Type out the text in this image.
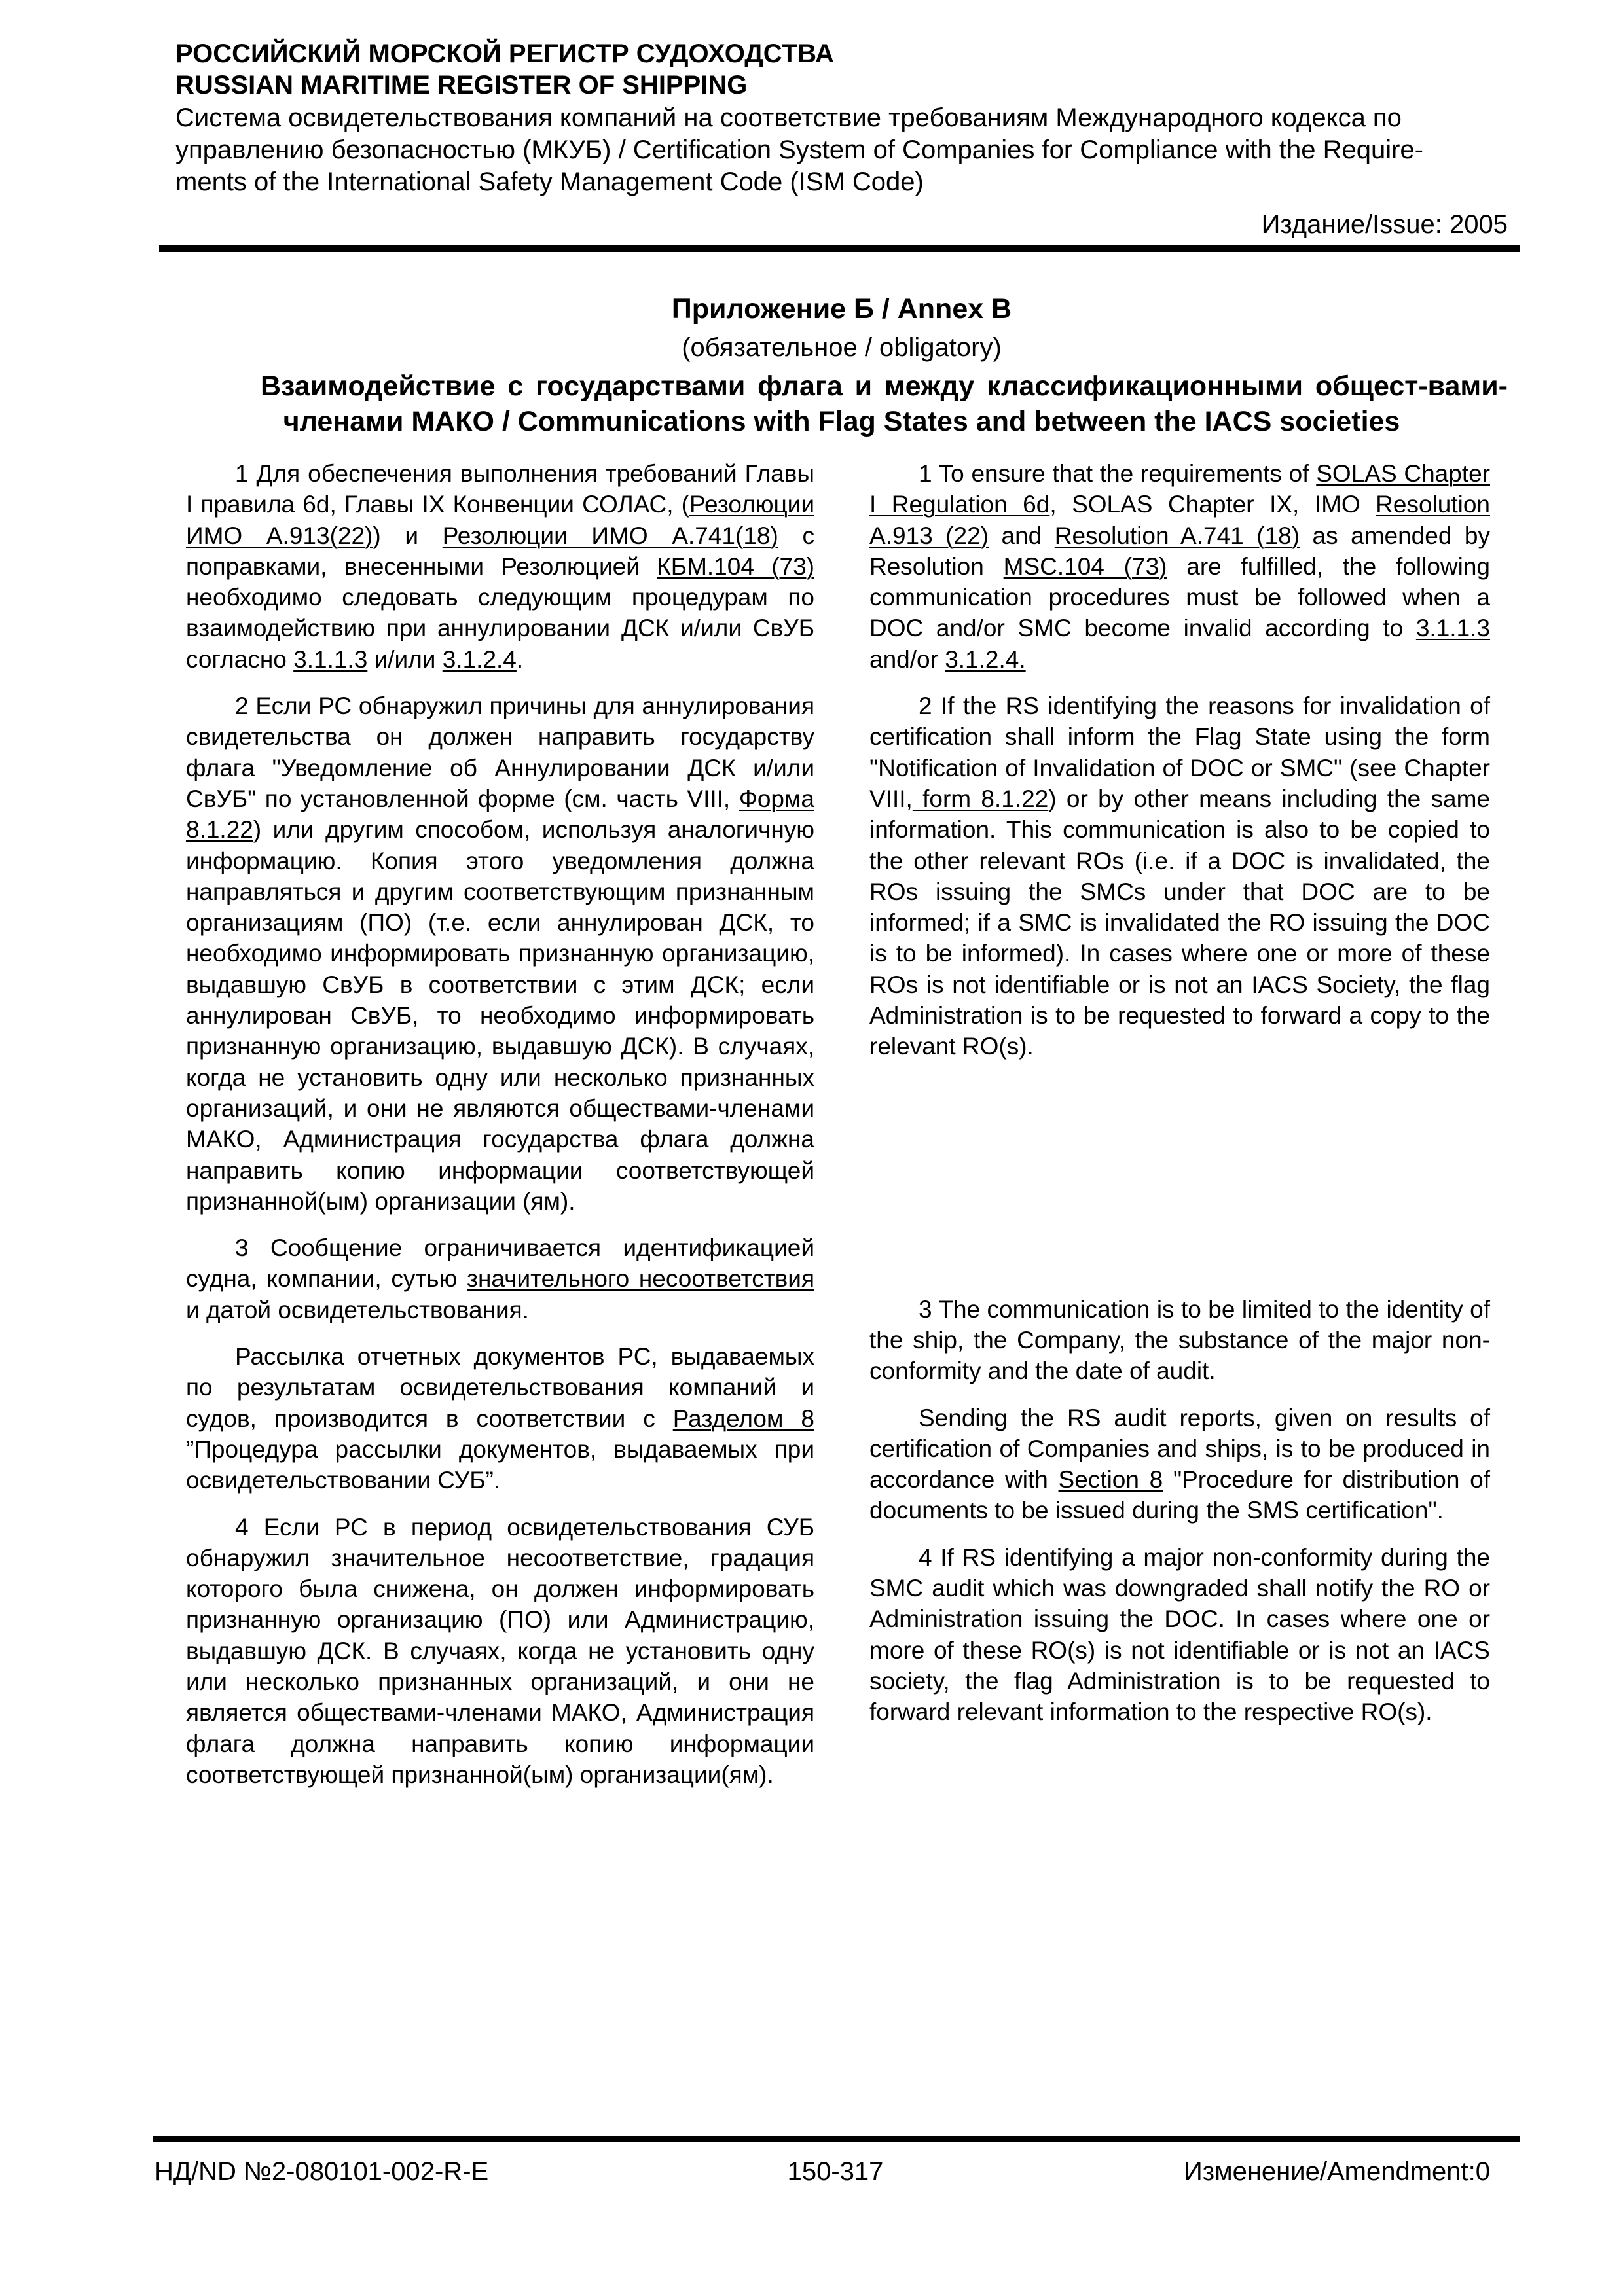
РОССИЙСКИЙ МОРСКОЙ РЕГИСТР СУДОХОДСТВА
RUSSIAN MARITIME REGISTER OF SHIPPING
Система освидетельствования компаний на соответствие требованиям Международного кодекса по
управлению безопасностью (МКУБ) / Certification System of Companies for Compliance with the Require-
ments of the International Safety Management Code (ISM Code)
Издание/Issue: 2005
Приложение Б / Annex B
(обязательное / obligatory)
Взаимодействие с государствами флага и между классификационными общест-вами-членами МАКО / Communications with Flag States and between the IACS societies

1 Для обеспечения выполнения требований Главы I правила 6d, Главы IX Конвенции СОЛАС, (Резолюции ИМО А.913(22)) и Резолюции ИМО А.741(18) с поправками, внесенными Резолюцией КБМ.104 (73) необходимо следовать следующим процедурам по взаимодействию при аннулировании ДСК и/или СвУБ согласно 3.1.1.3 и/или 3.1.2.4.

2 Если РС обнаружил причины для аннулирования свидетельства он должен направить государству флага "Уведомление об Аннулировании ДСК и/или СвУБ" по установленной форме (см. часть VIII, Форма 8.1.22) или другим способом, используя аналогичную информацию. Копия этого уведомления должна направляться и другим соответствующим признанным организациям (ПО) (т.е. если аннулирован ДСК, то необходимо информировать признанную организацию, выдавшую СвУБ в соответствии с этим ДСК; если аннулирован СвУБ, то необходимо информировать признанную организацию, выдавшую ДСК). В случаях, когда не установить одну или несколько признанных организаций, и они не являются обществами-членами МАКО, Администрация государства флага должна направить копию информации соответствующей признанной(ым) организации (ям).

3 Сообщение ограничивается идентификацией судна, компании, сутью значительного несоответствия и датой освидетельствования.

Рассылка отчетных документов РС, выдаваемых по результатам освидетельствования компаний и судов, производится в соответствии с Разделом 8 ”Процедура рассылки документов, выдаваемых при освидетельствовании СУБ”.

4 Если РС в период освидетельствования СУБ обнаружил значительное несоответствие, градация которого была снижена, он должен информировать признанную организацию (ПО) или Администрацию, выдавшую ДСК. В случаях, когда не установить одну или несколько признанных организаций, и они не является обществами-членами МАКО, Администрация флага должна направить копию информации соответствующей признанной(ым) организации(ям).

1 To ensure that the requirements of SOLAS Chapter I Regulation 6d, SOLAS Chapter IX, IMO Resolution A.913 (22) and Resolution A.741 (18) as amended by Resolution MSC.104 (73) are fulfilled, the following communication procedures must be followed when a DOC and/or SMC become invalid according to 3.1.1.3 and/or 3.1.2.4.

2 If the RS identifying the reasons for invalidation of certification shall inform the Flag State using the form "Notification of Invalidation of DOC or SMC" (see Chapter VIII, form 8.1.22) or by other means including the same information. This communication is also to be copied to the other relevant ROs (i.e. if a DOC is invalidated, the ROs issuing the SMCs under that DOC are to be informed; if a SMC is invalidated the RO issuing the DOC is to be informed). In cases where one or more of these ROs is not identifiable or is not an IACS Society, the flag Administration is to be requested to forward a copy to the relevant RO(s).

3 The communication is to be limited to the identity of the ship, the Company, the substance of the major non-conformity and the date of audit.

Sending the RS audit reports, given on results of certification of Companies and ships, is to be produced in accordance with Section 8 "Procedure for distribution of documents to be issued during the SMS certification".

4 If RS identifying a major non-conformity during the SMC audit which was downgraded shall notify the RO or Administration issuing the DOC. In cases where one or more of these RO(s) is not identifiable or is not an IACS society, the flag Administration is to be requested to forward relevant information to the respective RO(s).

НД/ND №2-080101-002-R-E	150-317	Изменение/Amendment:0
